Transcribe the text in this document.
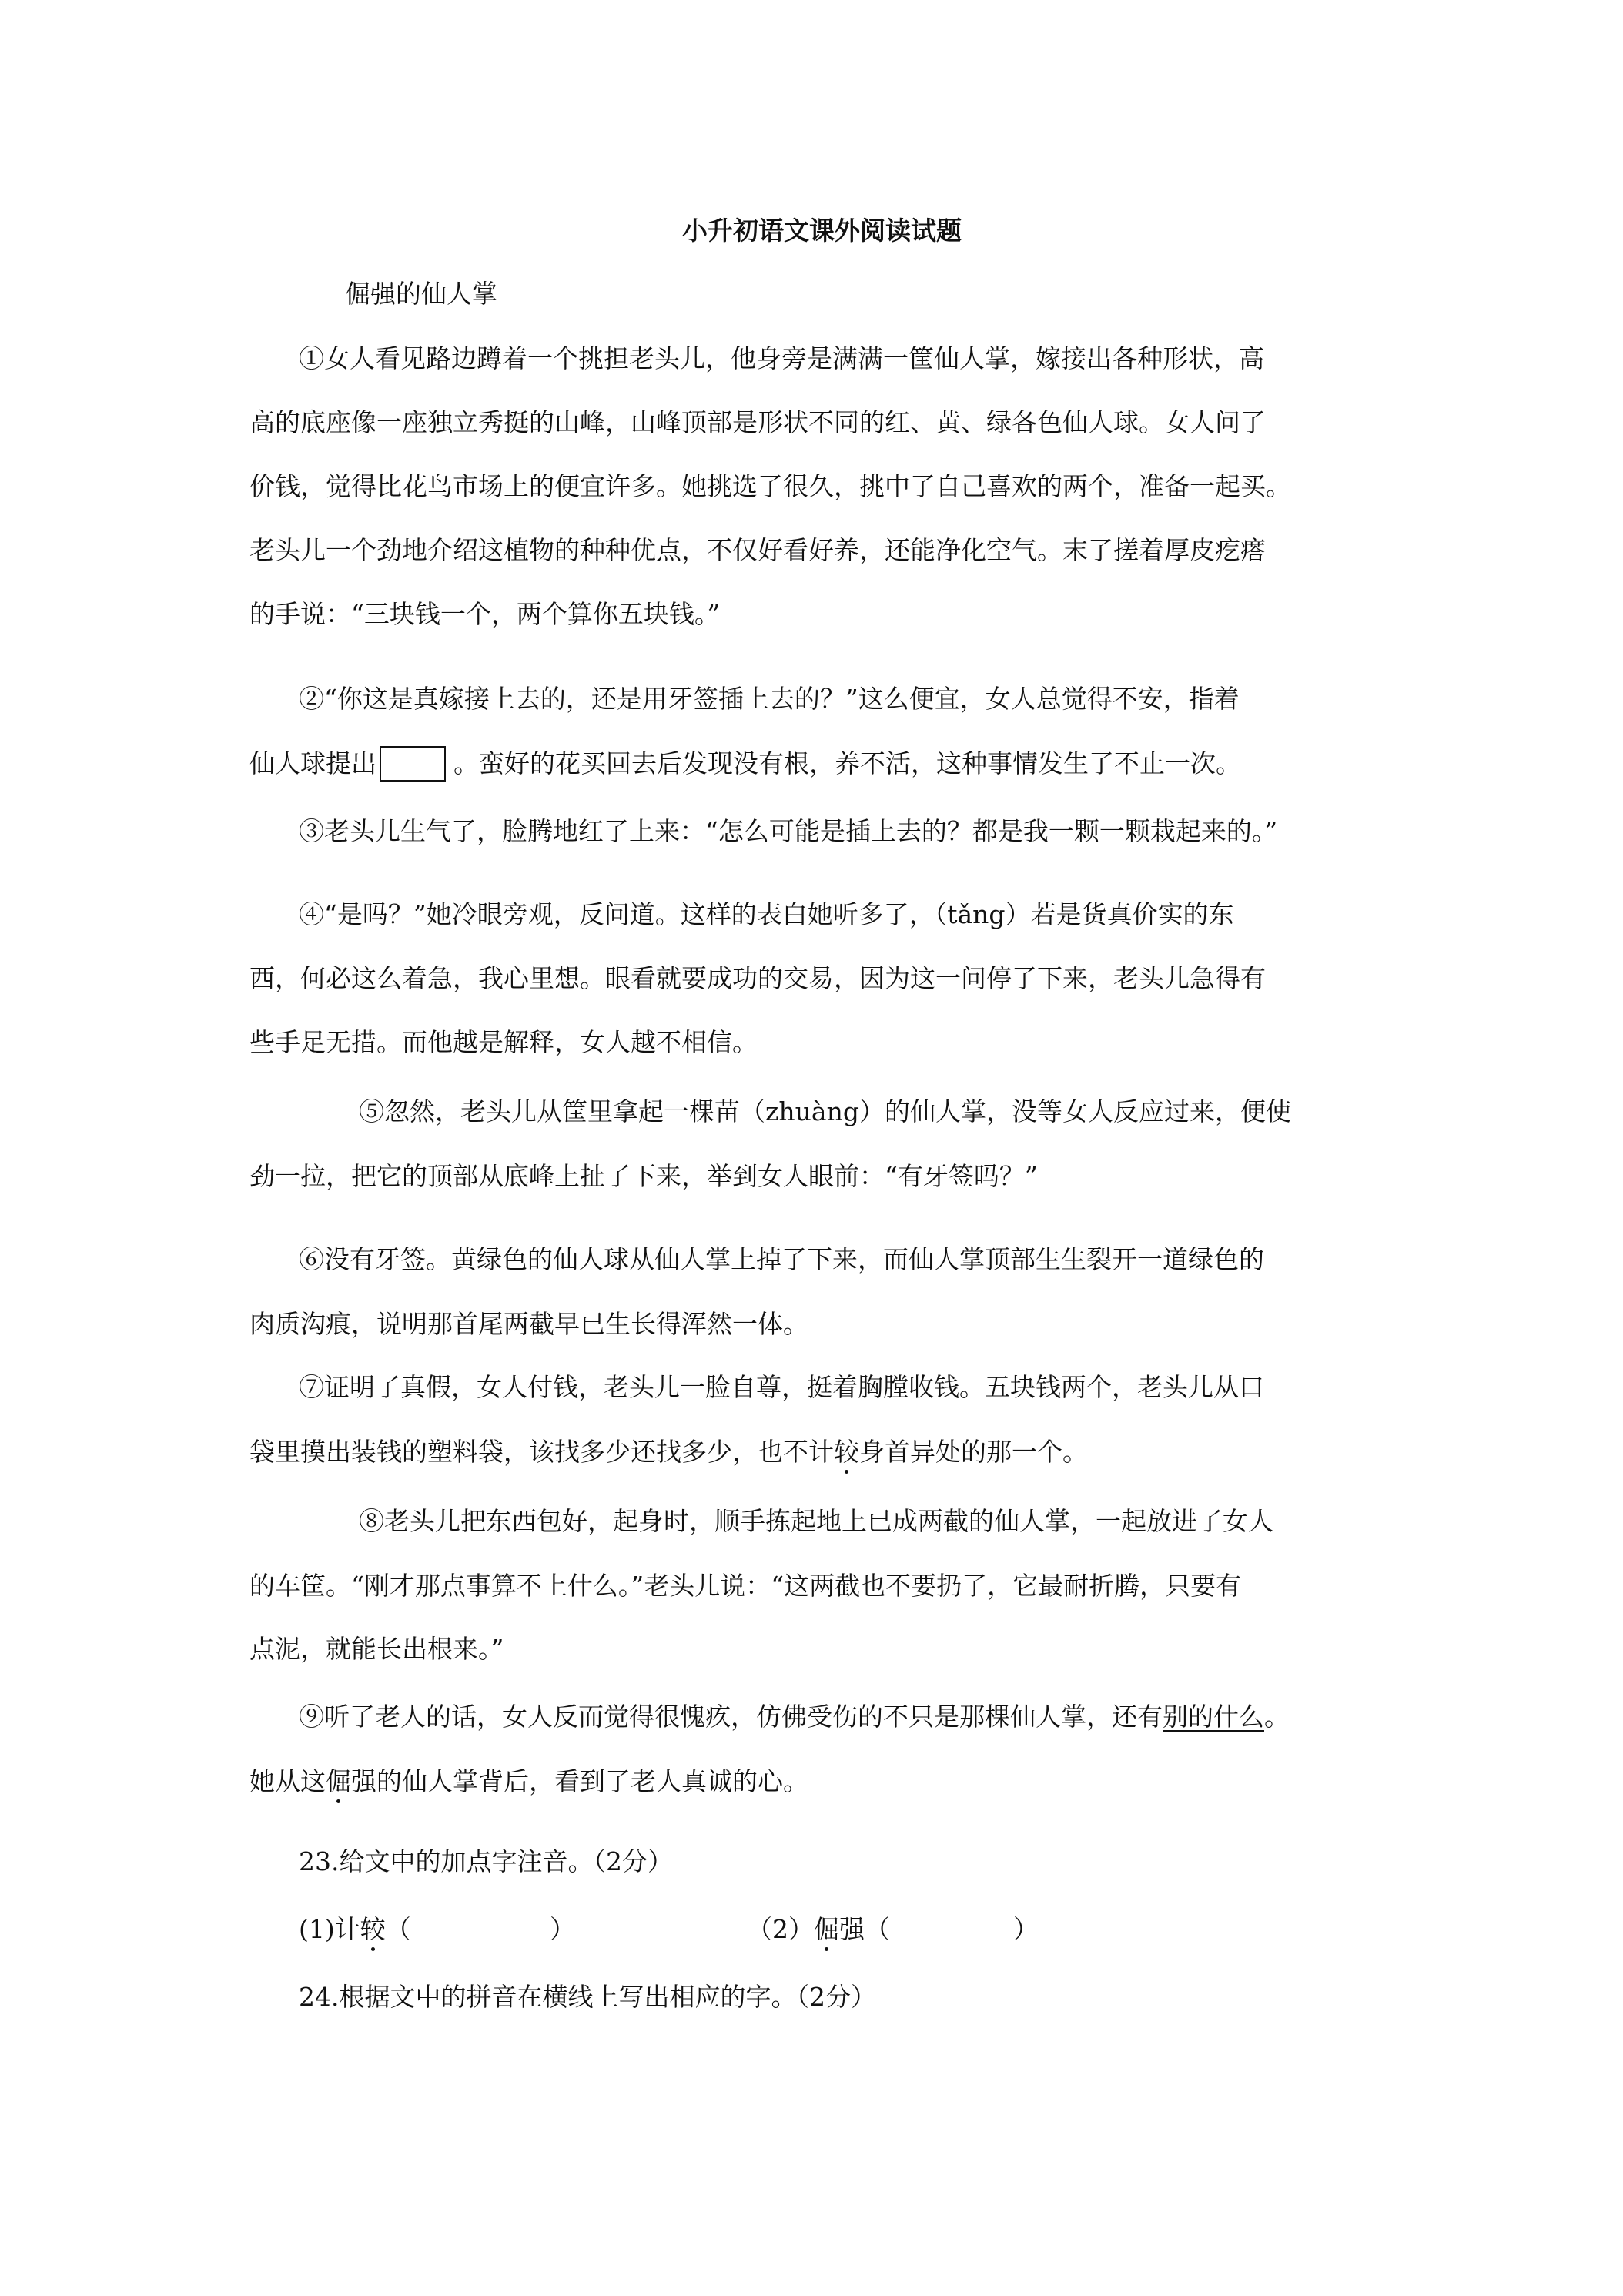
小升初语文课外阅读试题
倔强的仙人掌
①女人看见路边蹲着一个挑担老头儿，他身旁是满满一筐仙人掌，嫁接出各种形状，高
高的底座像一座独立秀挺的山峰，山峰顶部是形状不同的红、黄、绿各色仙人球。女人问了
价钱，觉得比花鸟市场上的便宜许多。她挑选了很久，挑中了自己喜欢的两个，准备一起买。
老头儿一个劲地介绍这植物的种种优点，不仅好看好养，还能净化空气。末了搓着厚皮疙瘩
的手说：“三块钱一个，两个算你五块钱。”
②“你这是真嫁接上去的，还是用牙签插上去的？”这么便宜，女人总觉得不安，指着
仙人球提出	。蛮好的花买回去后发现没有根，养不活，这种事情发生了不止一次。
③老头儿生气了，脸腾地红了上来：“怎么可能是插上去的？都是我一颗一颗栽起来的。”
④“是吗？”她冷眼旁观，反问道。这样的表白她听多了，（tǎng）若是货真价实的东
西，何必这么着急，我心里想。眼看就要成功的交易，因为这一问停了下来，老头儿急得有
些手足无措。而他越是解释，女人越不相信。
⑤忽然，老头儿从筐里拿起一棵苗（zhuàng）的仙人掌，没等女人反应过来，便使
劲一拉，把它的顶部从底峰上扯了下来，举到女人眼前：“有牙签吗？”
⑥没有牙签。黄绿色的仙人球从仙人掌上掉了下来，而仙人掌顶部生生裂开一道绿色的
肉质沟痕，说明那首尾两截早已生长得浑然一体。
⑦证明了真假，女人付钱，老头儿一脸自尊，挺着胸膛收钱。五块钱两个，老头儿从口
袋里摸出装钱的塑料袋，该找多少还找多少，也不计较身首异处的那一个。
⑧老头儿把东西包好，起身时，顺手拣起地上已成两截的仙人掌，一起放进了女人
的车筐。“刚才那点事算不上什么。”老头儿说：“这两截也不要扔了，它最耐折腾，只要有
点泥，就能长出根来。”
⑨听了老人的话，女人反而觉得很愧疚，仿佛受伤的不只是那棵仙人掌，还有别的什么。
她从这倔强的仙人掌背后，看到了老人真诚的心。
23.给文中的加点字注音。（2分）
(1)计较（	）	（2）倔强（	）
24.根据文中的拼音在横线上写出相应的字。（2分）
